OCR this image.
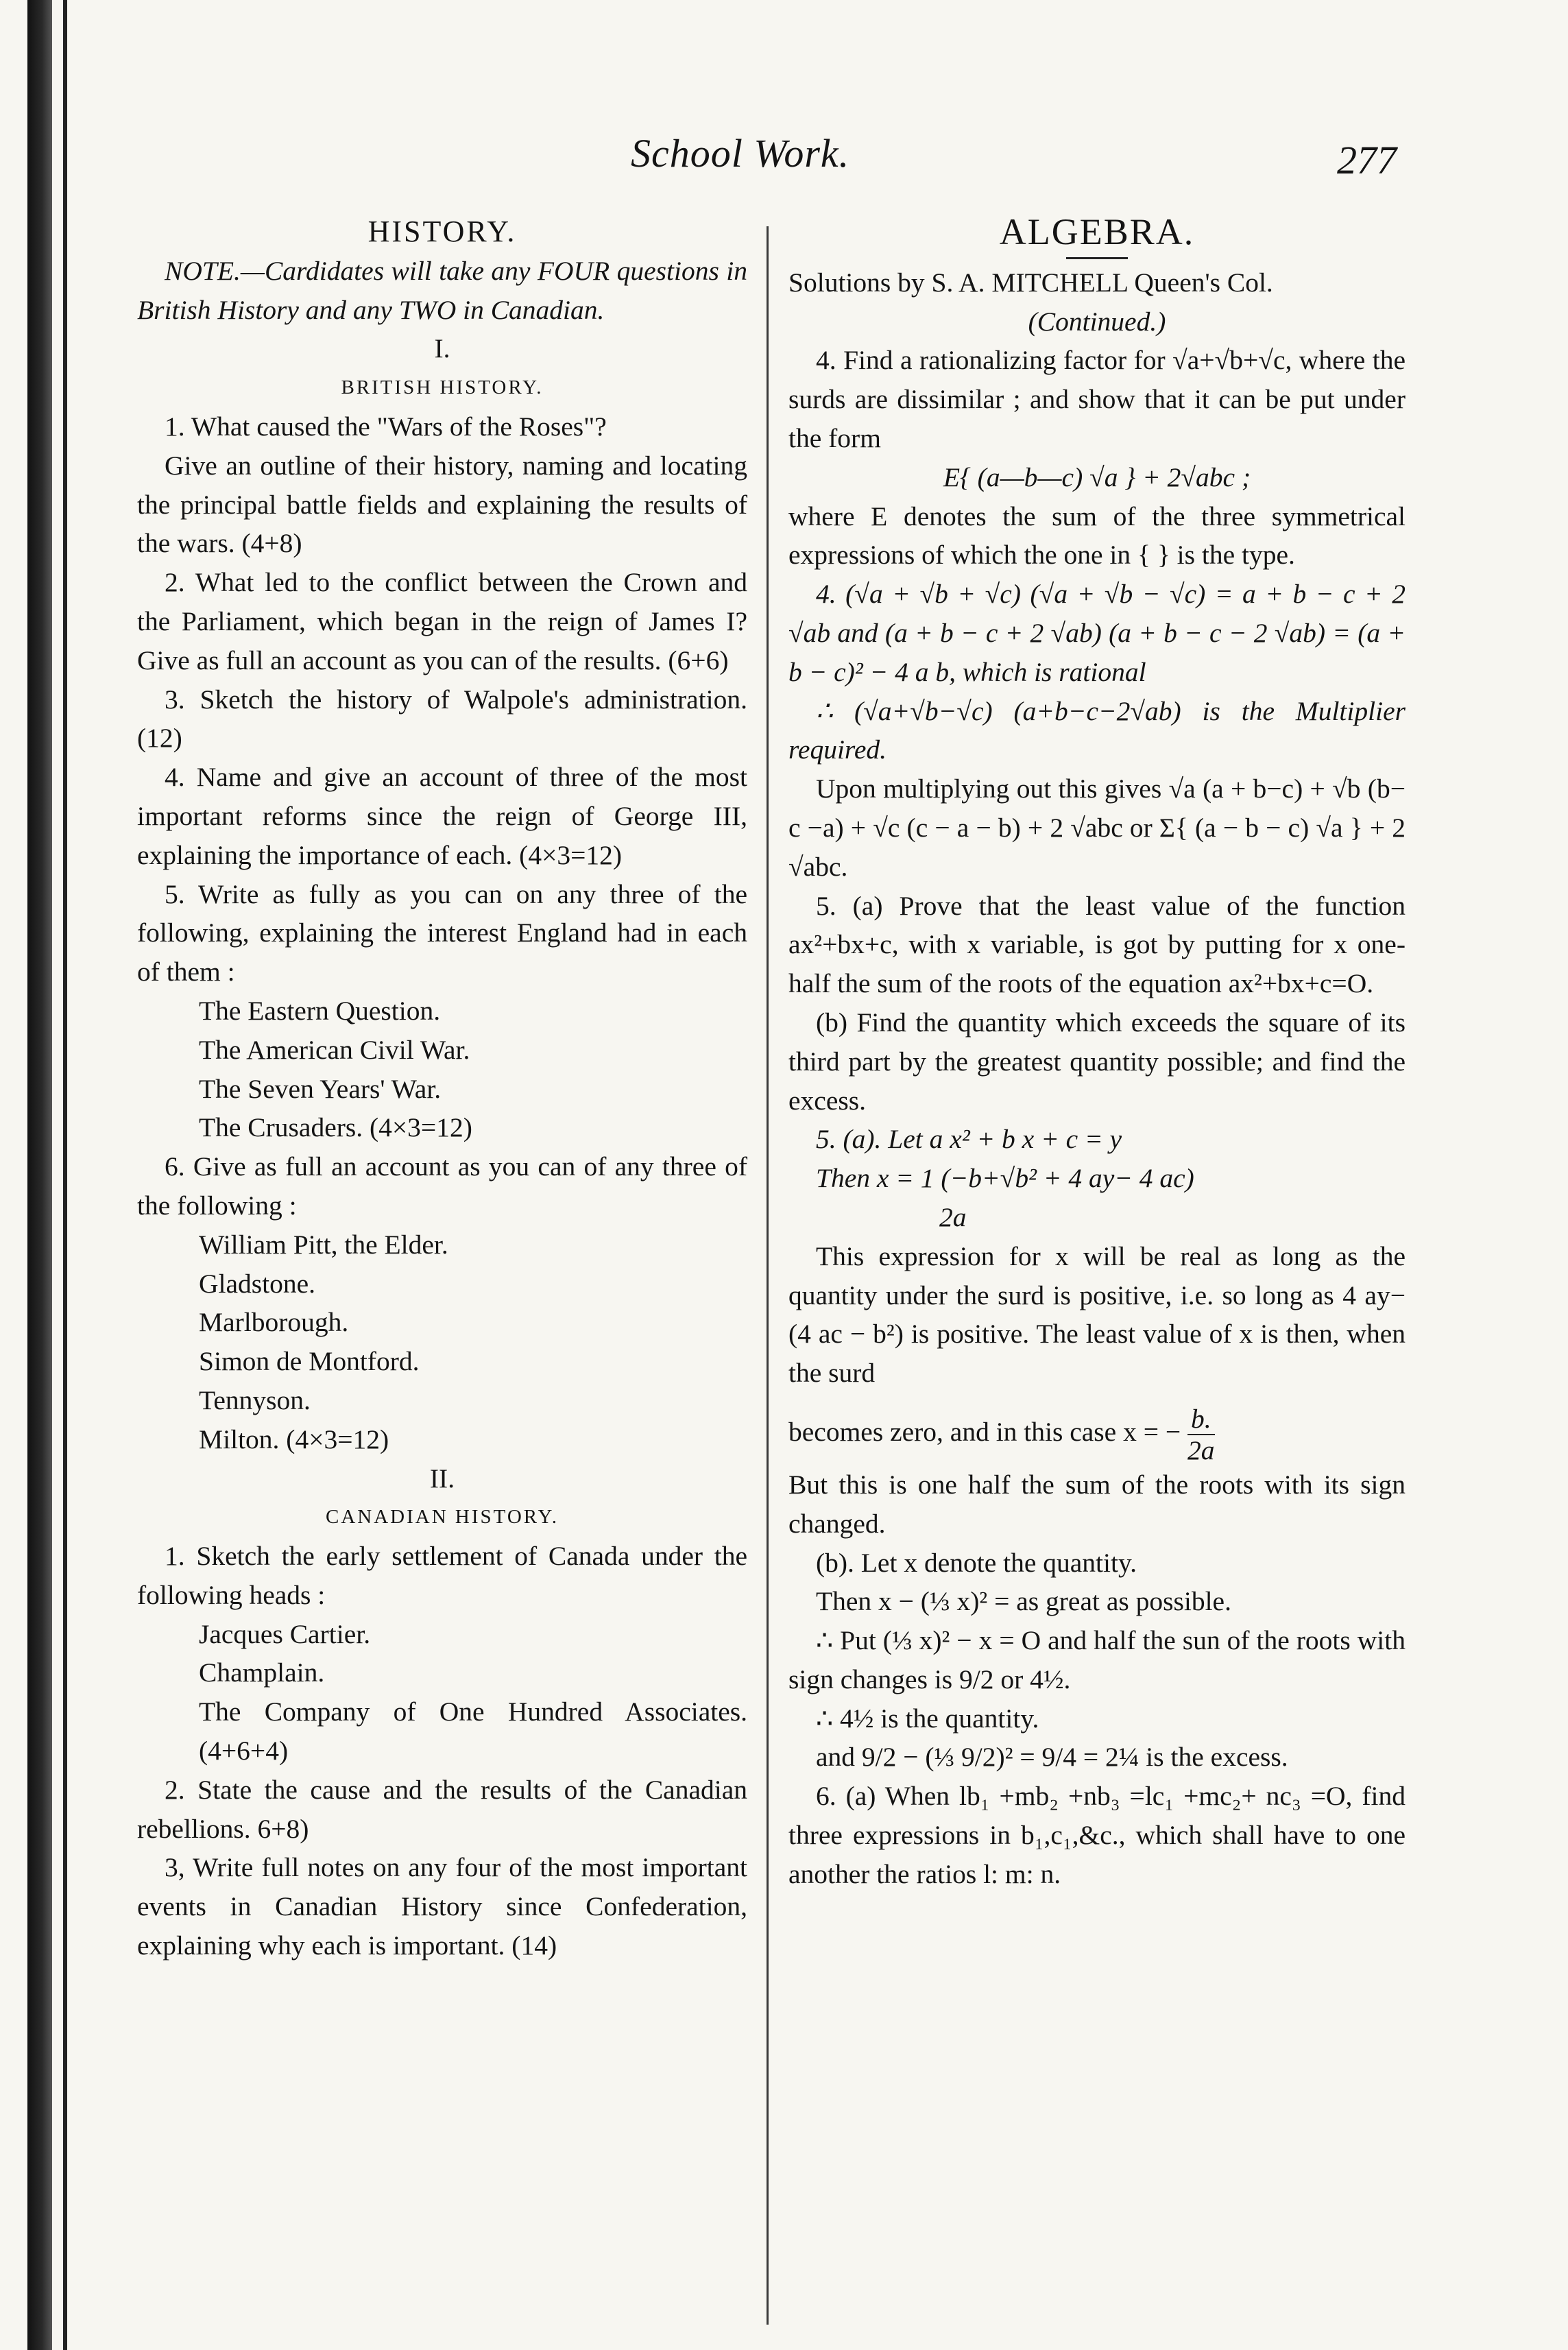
School Work.	277

HISTORY.

NOTE.—Cardidates will take any FOUR questions in British History and any TWO in Canadian.

I.

BRITISH HISTORY.

1. What caused the "Wars of the Roses"?

Give an outline of their history, naming and locating the principal battle fields and explaining the results of the wars. (4+8)

2. What led to the conflict between the Crown and the Parliament, which began in the reign of James I? Give as full an account as you can of the results. (6+6)

3. Sketch the history of Walpole's administration. (12)

4. Name and give an account of three of the most important reforms since the reign of George III, explaining the importance of each. (4×3=12)

5. Write as fully as you can on any three of the following, explaining the interest England had in each of them :

The Eastern Question.

The American Civil War.

The Seven Years' War.

The Crusaders. (4×3=12)

6. Give as full an account as you can of any three of the following :

William Pitt, the Elder.

Gladstone.

Marlborough.

Simon de Montford.

Tennyson.

Milton. (4×3=12)

II.

CANADIAN HISTORY.

1. Sketch the early settlement of Canada under the following heads :

Jacques Cartier.

Champlain.

The Company of One Hundred Associates. (4+6+4)

2. State the cause and the results of the Canadian rebellions. 6+8)

3, Write full notes on any four of the most important events in Canadian History since Confederation, explaining why each is important. (14)

ALGEBRA.

Solutions by S. A. MITCHELL Queen's Col.

(Continued.)

4. Find a rationalizing factor for √a+√b+√c, where the surds are dissimilar ; and show that it can be put under the form

E{ (a—b—c) √a } + 2√abc ;

where E denotes the sum of the three symmetrical expressions of which the one in { } is the type.

4. (√a + √b + √c) (√a + √b − √c) = a + b − c + 2 √ab and (a + b − c + 2 √ab) (a + b − c − 2 √ab) = (a + b − c)² − 4 a b, which is rational

∴ (√a+√b−√c) (a+b−c−2√ab) is the Multiplier required.

Upon multiplying out this gives √a (a + b−c) + √b (b− c −a) + √c (c − a − b) + 2 √abc or Σ{ (a − b − c) √a } + 2 √abc.

5. (a) Prove that the least value of the function ax²+bx+c, with x variable, is got by putting for x one-half the sum of the roots of the equation ax²+bx+c=O.

(b) Find the quantity which exceeds the square of its third part by the greatest quantity possible; and find the excess.

5. (a). Let a x² + b x + c = y

Then x = 1 (−b+√b² + 4 ay− 4 ac)

2a

This expression for x will be real as long as the quantity under the surd is positive, i.e. so long as 4 ay− (4 ac − b²) is positive. The least value of x is then, when the surd

becomes zero, and in this case x = − $\frac{b.}{2a}$

But this is one half the sum of the roots with its sign changed.

(b). Let x denote the quantity.

Then x − (⅓ x)² = as great as possible.

∴ Put (⅓ x)² − x = O and half the sun of the roots with sign changes is 9/2 or 4½.

∴ 4½ is the quantity.

and 9/2 − (⅓ 9/2)² = 9/4 = 2¼ is the excess.

6. (a) When lb₁ +mb₂ +nb₃ =lc₁ +mc₂+ nc₃ =O, find three expressions in b₁,c₁,&c., which shall have to one another the ratios l: m: n.
